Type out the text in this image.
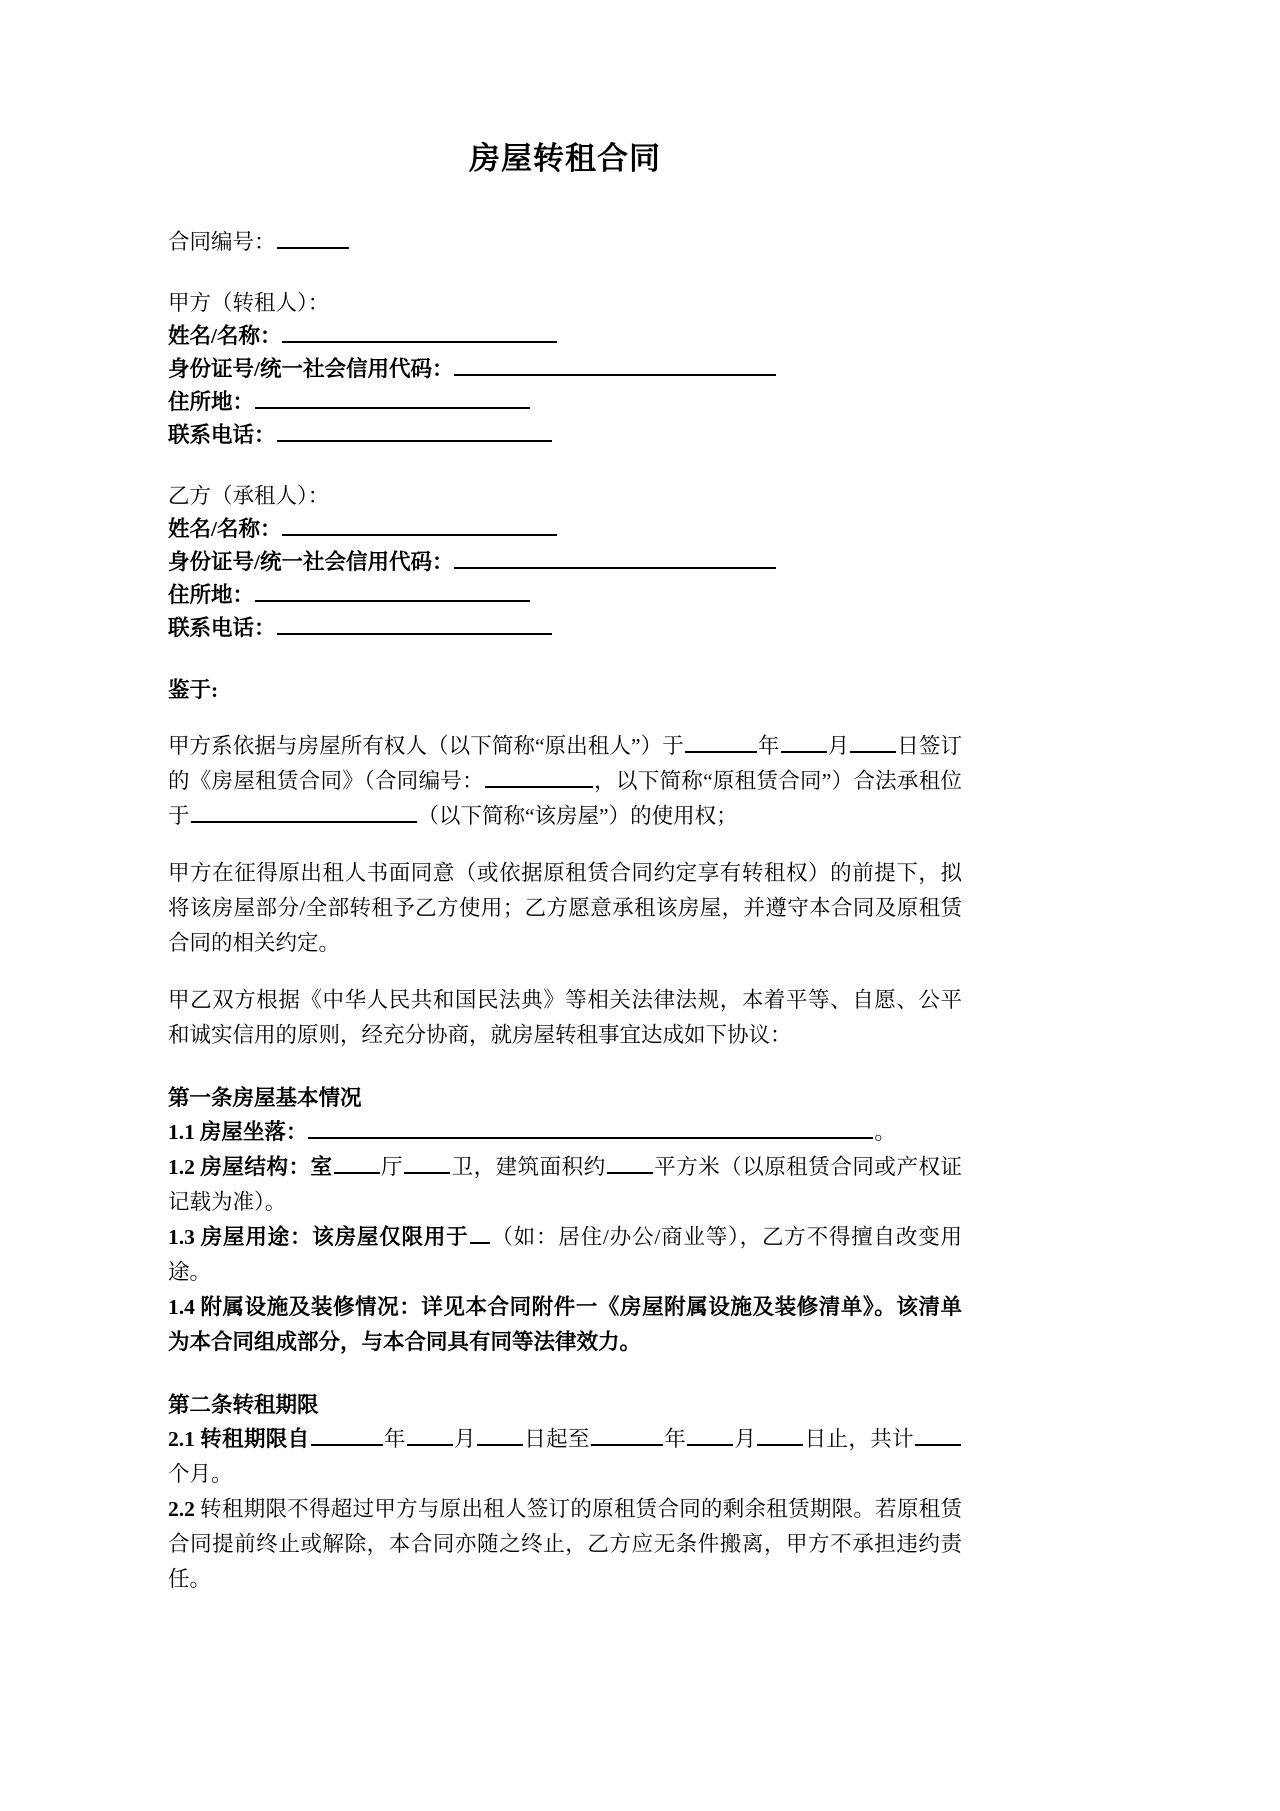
房屋转租合同
合同编号：
甲方（转租人）：
姓名/名称：
身份证号/统一社会信用代码：
住所地：
联系电话：
乙方（承租人）：
姓名/名称：
身份证号/统一社会信用代码：
住所地：
联系电话：
鉴于:
甲方系依据与房屋所有权人（以下简称“原出租人”）于	年 月 日签订的《房屋租赁合同》（合同编号：	，以下简称“原租赁合同”）合法承租位于	（以下简称“该房屋”）的使用权；
甲方在征得原出租人书面同意（或依据原租赁合同约定享有转租权）的前提下，拟将该房屋部分/全部转租予乙方使用；乙方愿意承租该房屋，并遵守本合同及原租赁合同的相关约定。
甲乙双方根据《中华人民共和国民法典》等相关法律法规，本着平等、自愿、公平和诚实信用的原则，经充分协商，就房屋转租事宜达成如下协议：
第一条房屋基本情况
1.1 房屋坐落：	。
1.2 房屋结构：室 厅 卫，建筑面积约 平方米（以原租赁合同或产权证记载为准）。
1.3 房屋用途：该房屋仅限用于 （如：居住/办公/商业等），乙方不得擅自改变用途。
1.4 附属设施及装修情况：详见本合同附件一《房屋附属设施及装修清单》。该清单为本合同组成部分，与本合同具有同等法律效力。
第二条转租期限
2.1 转租期限自	年 月 日起至	年 月 日止，共计个月。
2.2 转租期限不得超过甲方与原出租人签订的原租赁合同的剩余租赁期限。若原租赁合同提前终止或解除，本合同亦随之终止，乙方应无条件搬离，甲方不承担违约责任。
